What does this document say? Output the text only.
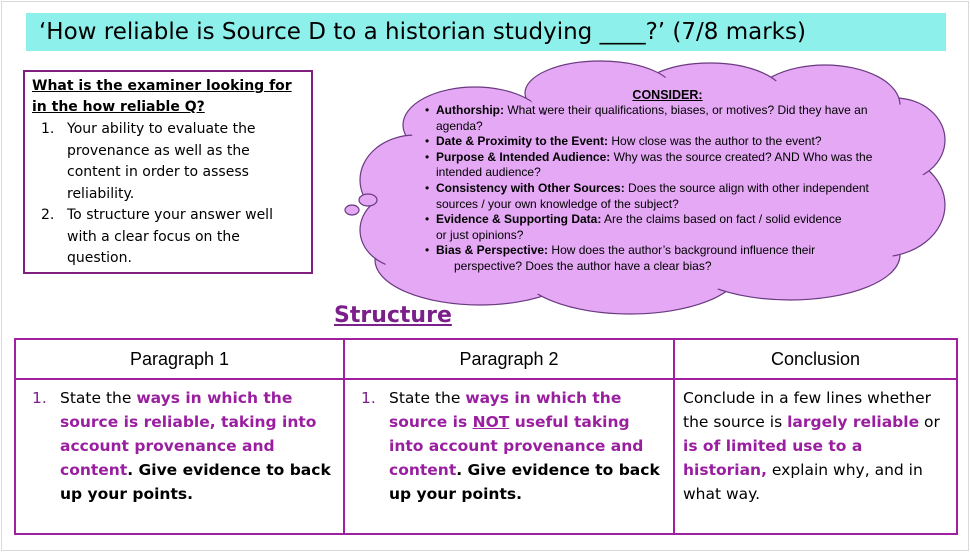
‘How reliable is Source D to a historian studying ____?’ (7/8 marks)
What is the examiner looking for in the how reliable Q?
1. Your ability to evaluate the provenance as well as the content in order to assess reliability.
2. To structure your answer well with a clear focus on the question.
CONSIDER:
• Authorship: What were their qualifications, biases, or motives? Did they have an
agenda?
• Date & Proximity to the Event: How close was the author to the event?
• Purpose & Intended Audience: Why was the source created? AND Who was the
intended audience?
• Consistency with Other Sources: Does the source align with other independent
sources / your own knowledge of the subject?
• Evidence & Supporting Data: Are the claims based on fact / solid evidence
or just opinions?
• Bias & Perspective: How does the author’s background influence their

perspective? Does the author have a clear bias?
Structure
Paragraph 1	Paragraph 2	Conclusion

1. State the ways in which the source is reliable, taking into account provenance and content. Give evidence to back up your points.	1. State the ways in which the source is NOT useful taking into account provenance and content. Give evidence to back up your points.	Conclude in a few lines whether the source is largely reliable or is of limited use to a historian, explain why, and in what way.
